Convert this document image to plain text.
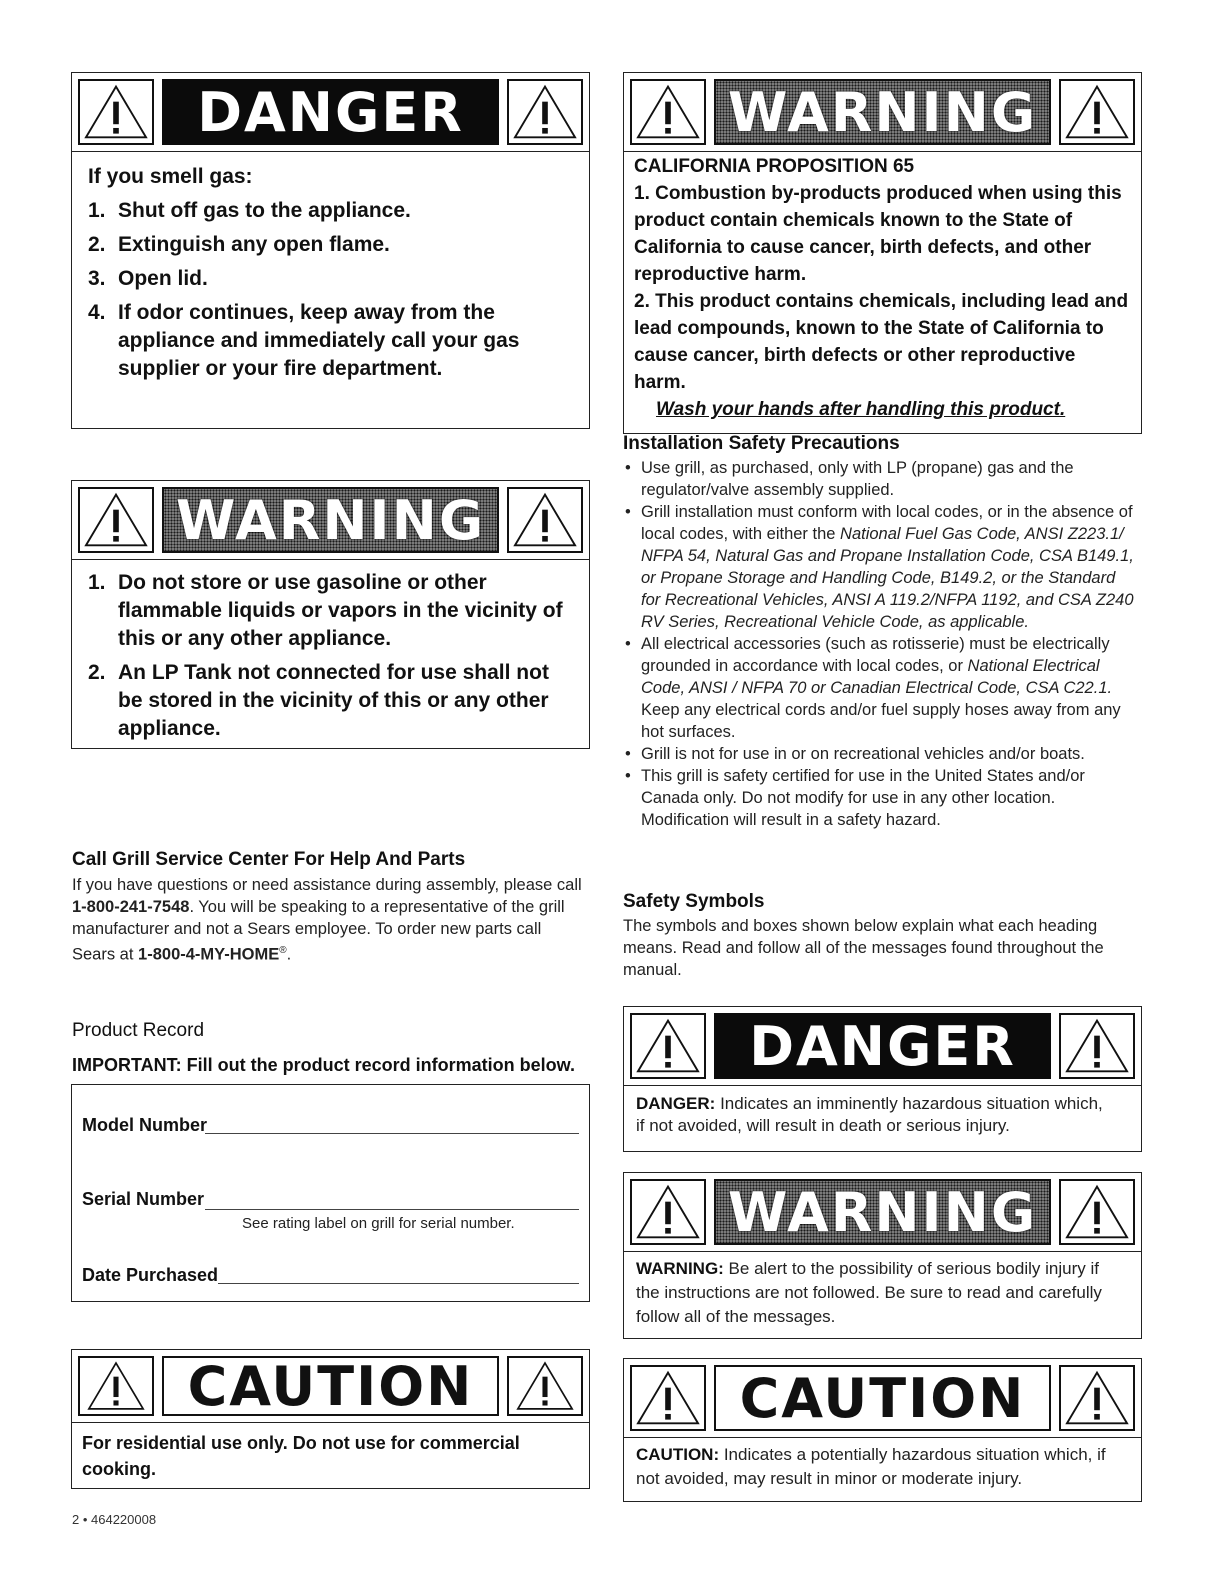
DANGER
If you smell gas:
1. Shut off gas to the appliance.
2. Extinguish any open flame.
3. Open lid.
4. If odor continues, keep away from the appliance and immediately call your gas supplier or your fire department.
WARNING
1. Do not store or use gasoline or other flammable liquids or vapors in the vicinity of this or any other appliance.
2. An LP Tank not connected for use shall not be stored in the vicinity of this or any other appliance.
Call Grill Service Center For Help And Parts
If you have questions or need assistance during assembly, please call 1-800-241-7548. You will be speaking to a representative of the grill manufacturer and not a Sears employee. To order new parts call Sears at 1-800-4-MY-HOME®.
Product Record
IMPORTANT: Fill out the product record information below.
Model Number
Serial Number
See rating label on grill for serial number.
Date Purchased
CAUTION
For residential use only. Do not use for commercial cooking.
2 • 464220008
WARNING
CALIFORNIA PROPOSITION 65
1. Combustion by-products produced when using this product contain chemicals known to the State of California to cause cancer, birth defects, and other reproductive harm.
2. This product contains chemicals, including lead and lead compounds, known to the State of California to cause cancer, birth defects or other reproductive harm.
Wash your hands after handling this product.
Installation Safety Precautions
• Use grill, as purchased, only with LP (propane) gas and the regulator/valve assembly supplied.
• Grill installation must conform with local codes, or in the absence of local codes, with either the National Fuel Gas Code, ANSI Z223.1/ NFPA 54, Natural Gas and Propane Installation Code, CSA B149.1, or Propane Storage and Handling Code, B149.2, or the Standard for Recreational Vehicles, ANSI A 119.2/NFPA 1192, and CSA Z240 RV Series, Recreational Vehicle Code, as applicable.
• All electrical accessories (such as rotisserie) must be electrically grounded in accordance with local codes, or National Electrical Code, ANSI / NFPA 70 or Canadian Electrical Code, CSA C22.1. Keep any electrical cords and/or fuel supply hoses away from any hot surfaces.
• Grill is not for use in or on recreational vehicles and/or boats.
• This grill is safety certified for use in the United States and/or Canada only. Do not modify for use in any other location. Modification will result in a safety hazard.
Safety Symbols
The symbols and boxes shown below explain what each heading means. Read and follow all of the messages found throughout the manual.
DANGER
DANGER: Indicates an imminently hazardous situation which, if not avoided, will result in death or serious injury.
WARNING
WARNING: Be alert to the possibility of serious bodily injury if the instructions are not followed. Be sure to read and carefully follow all of the messages.
CAUTION
CAUTION: Indicates a potentially hazardous situation which, if not avoided, may result in minor or moderate injury.
